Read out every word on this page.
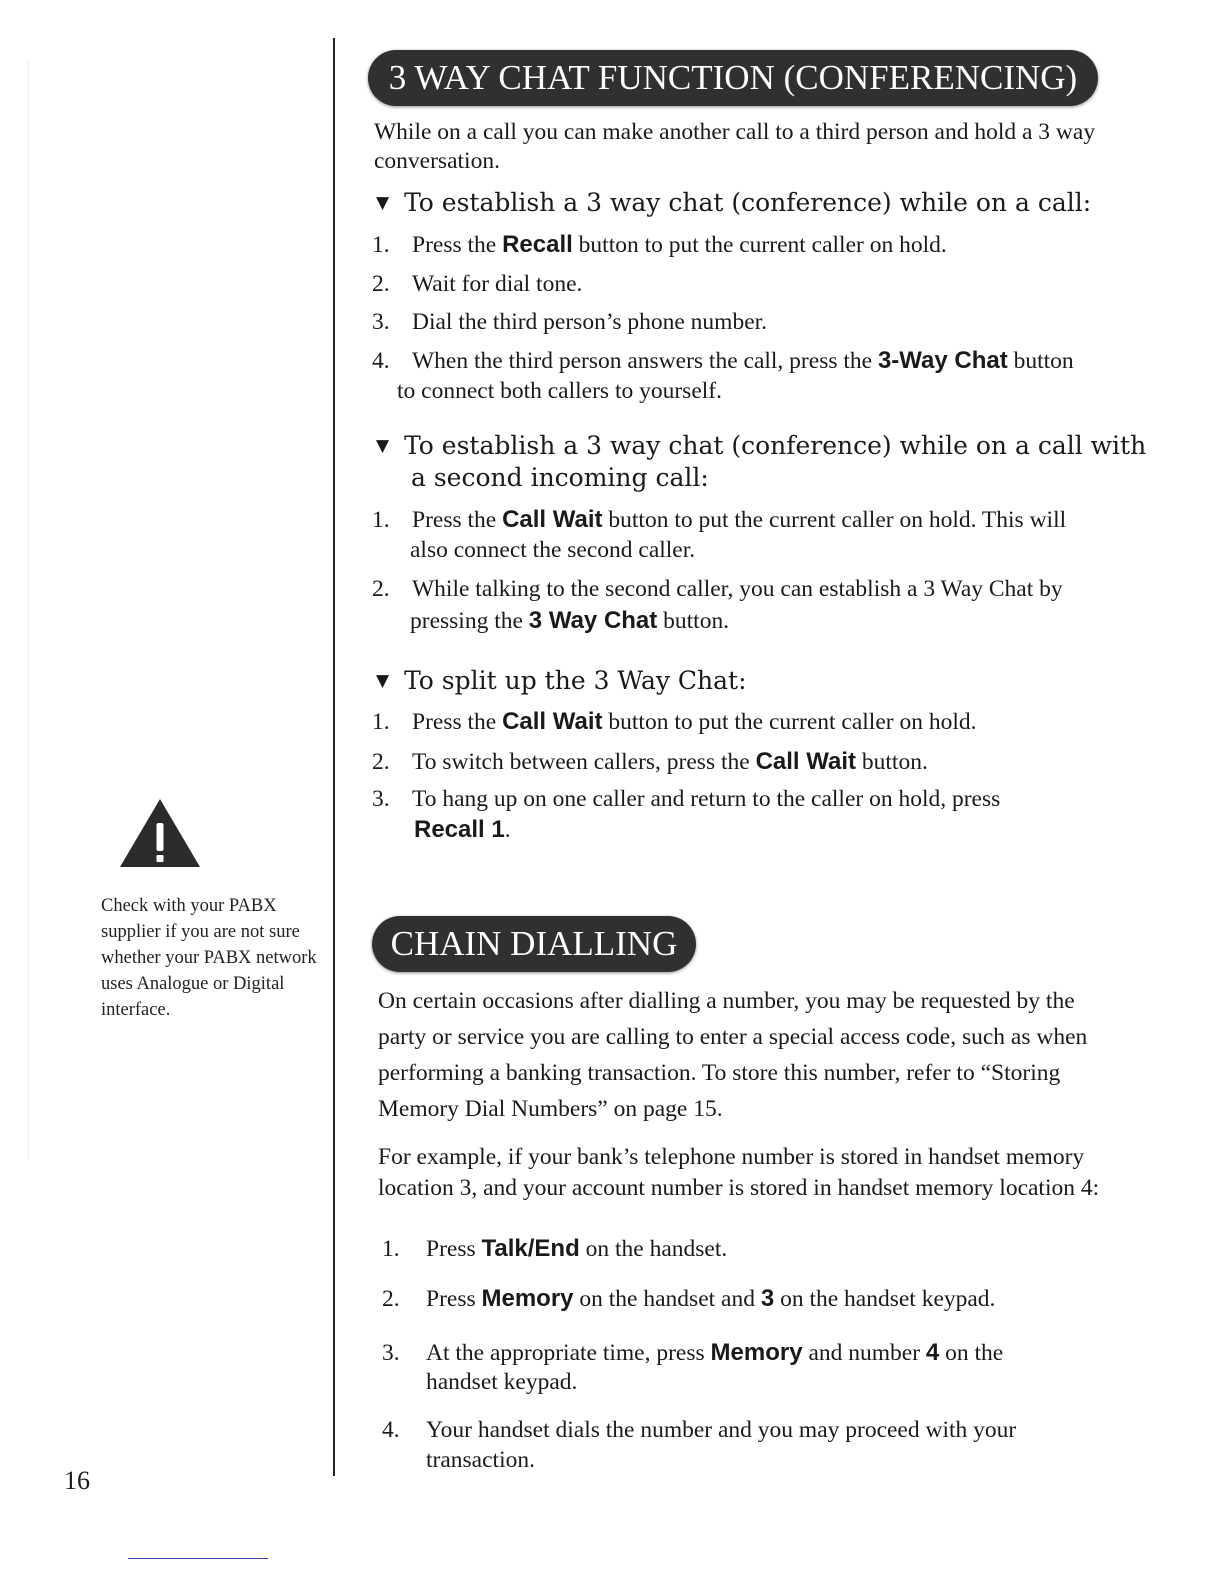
Check with your PABX
supplier if you are not sure
whether your PABX network
uses Analogue or Digital
interface.
3 WAY CHAT FUNCTION (CONFERENCING)
While on a call you can make another call to a third person and hold a 3 way
conversation.
▼ To establish a 3 way chat (conference) while on a call:
1. Press the Recall button to put the current caller on hold.
2. Wait for dial tone.
3. Dial the third person’s phone number.
4. When the third person answers the call, press the 3-Way Chat button
to connect both callers to yourself.
▼ To establish a 3 way chat (conference) while on a call with
a second incoming call:
1. Press the Call Wait button to put the current caller on hold. This will
also connect the second caller.
2. While talking to the second caller, you can establish a 3 Way Chat by
pressing the 3 Way Chat button.
▼ To split up the 3 Way Chat:
1. Press the Call Wait button to put the current caller on hold.
2. To switch between callers, press the Call Wait button.
3. To hang up on one caller and return to the caller on hold, press
Recall 1.
CHAIN DIALLING
On certain occasions after dialling a number, you may be requested by the
party or service you are calling to enter a special access code, such as when
performing a banking transaction. To store this number, refer to “Storing
Memory Dial Numbers” on page 15.
For example, if your bank’s telephone number is stored in handset memory
location 3, and your account number is stored in handset memory location 4:
1. Press Talk/End on the handset.
2. Press Memory on the handset and 3 on the handset keypad.
3. At the appropriate time, press Memory and number 4 on the
handset keypad.
4. Your handset dials the number and you may proceed with your
transaction.
16
